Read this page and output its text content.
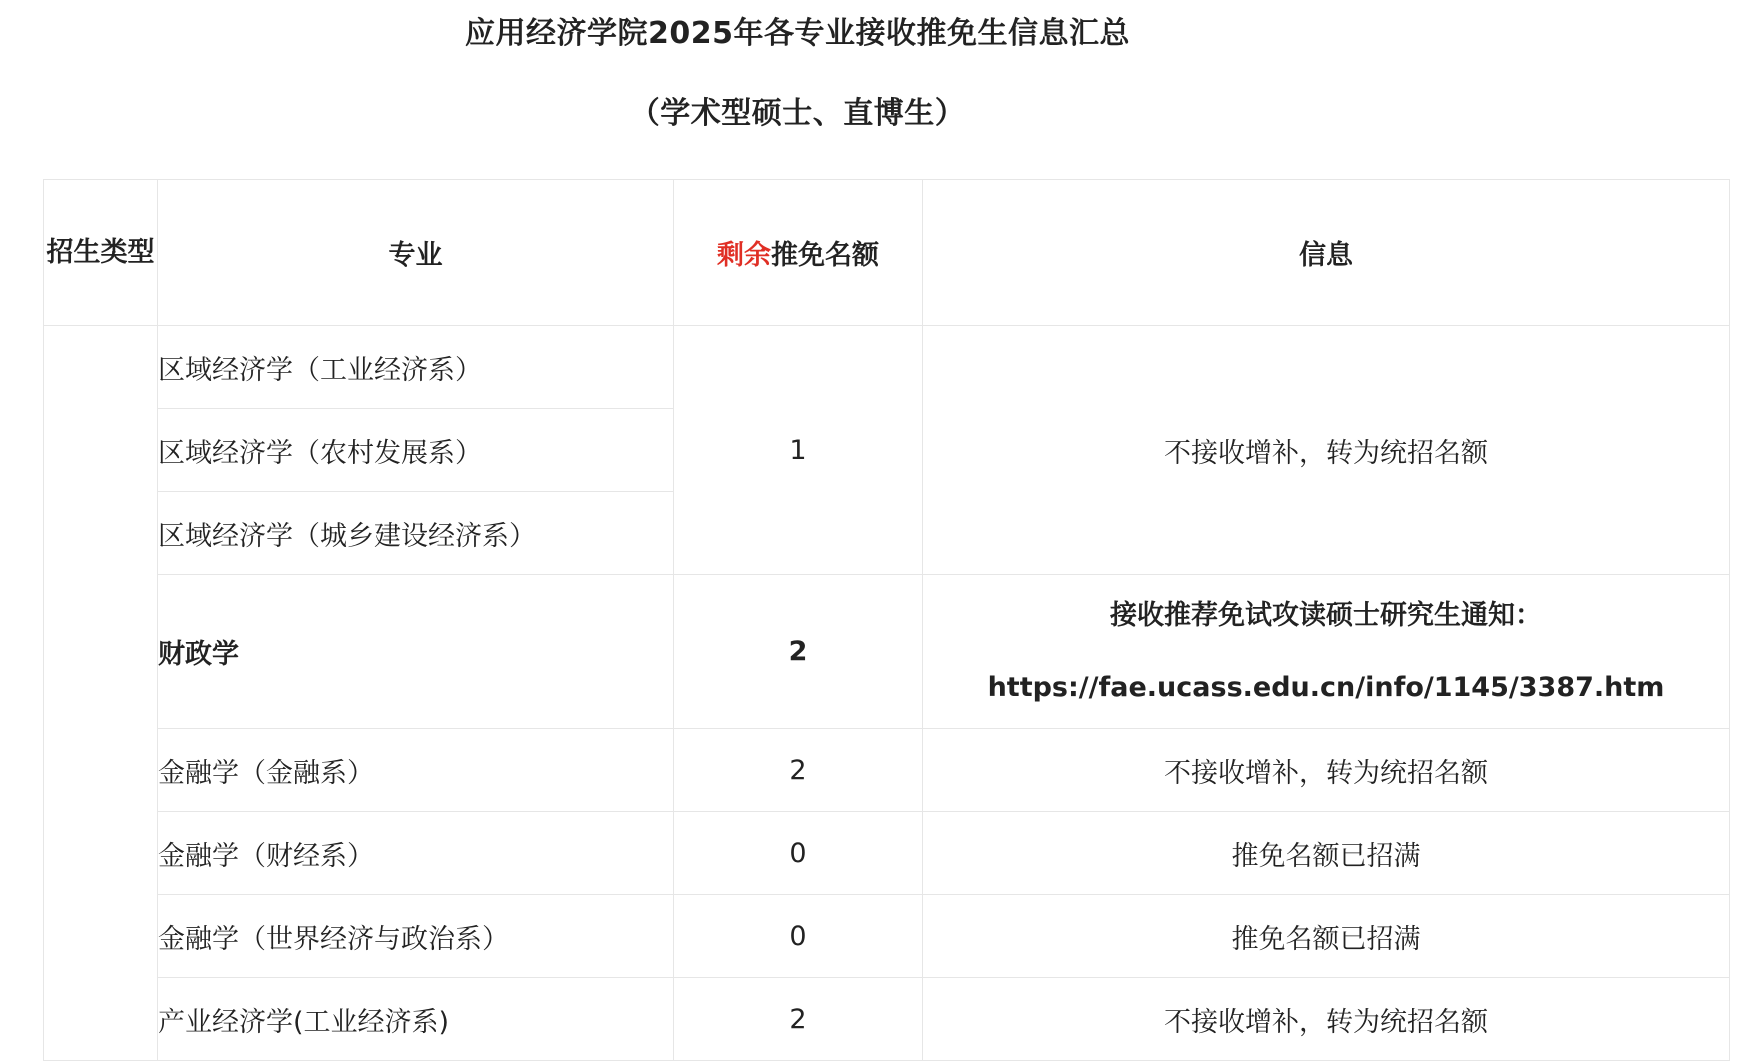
应用经济学院2025年各专业接收推免生信息汇总
（学术型硕士、直博生）
招生类型	专业	剩余推免名额	信息
	区域经济学（工业经济系）	1	不接收增补，转为统招名额
	区域经济学（农村发展系）		
	区域经济学（城乡建设经济系）		
	财政学	2	接收推荐免试攻读硕士研究生通知：
https://fae.ucass.edu.cn/info/1145/3387.htm

	金融学（金融系）	2	不接收增补，转为统招名额
	金融学（财经系）	0	推免名额已招满
	金融学（世界经济与政治系）	0	推免名额已招满
	产业经济学(工业经济系)	2	不接收增补，转为统招名额
